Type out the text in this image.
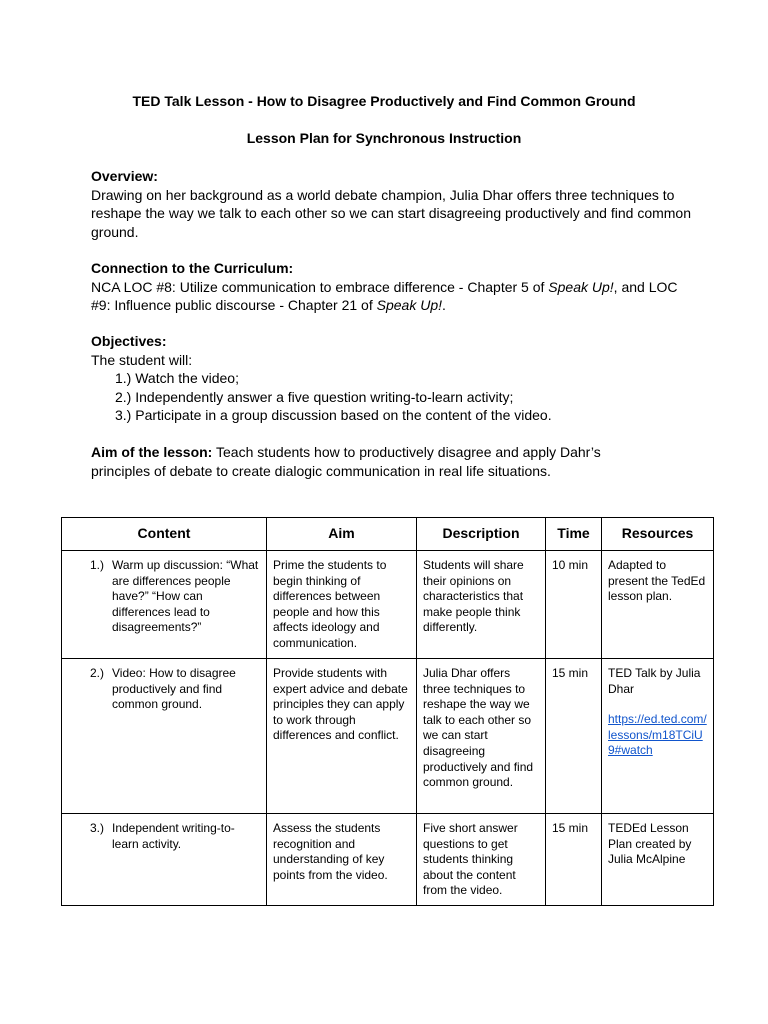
TED Talk Lesson - How to Disagree Productively and Find Common Ground
Lesson Plan for Synchronous Instruction
Overview:
Drawing on her background as a world debate champion, Julia Dhar offers three techniques to reshape the way we talk to each other so we can start disagreeing productively and find common ground.
Connection to the Curriculum:
NCA LOC #8: Utilize communication to embrace difference - Chapter 5 of Speak Up!, and LOC #9: Influence public discourse - Chapter 21 of Speak Up!.
Objectives:
The student will:
1.) Watch the video;
2.) Independently answer a five question writing-to-learn activity;
3.) Participate in a group discussion based on the content of the video.
Aim of the lesson: Teach students how to productively disagree and apply Dahr’s principles of debate to create dialogic communication in real life situations.
Content	Aim	Description	Time	Resources

1.) Warm up discussion: “What are differences people have?” “How can differences lead to disagreements?”	Prime the students to begin thinking of differences between people and how this affects ideology and communication.	Students will share their opinions on characteristics that make people think differently.	10 min	Adapted to present the TedEd lesson plan.

2.) Video: How to disagree productively and find common ground.	Provide students with expert advice and debate principles they can apply to work through differences and conflict.	Julia Dhar offers three techniques to reshape the way we talk to each other so we can start disagreeing productively and find common ground.	15 min	TED Talk by Julia Dhar
https://ed.ted.com/lessons/m18TCiU9#watch

3.) Independent writing-to-learn activity.	Assess the students recognition and understanding of key points from the video.	Five short answer questions to get students thinking about the content from the video.	15 min	TEDEd Lesson Plan created by Julia McAlpine
